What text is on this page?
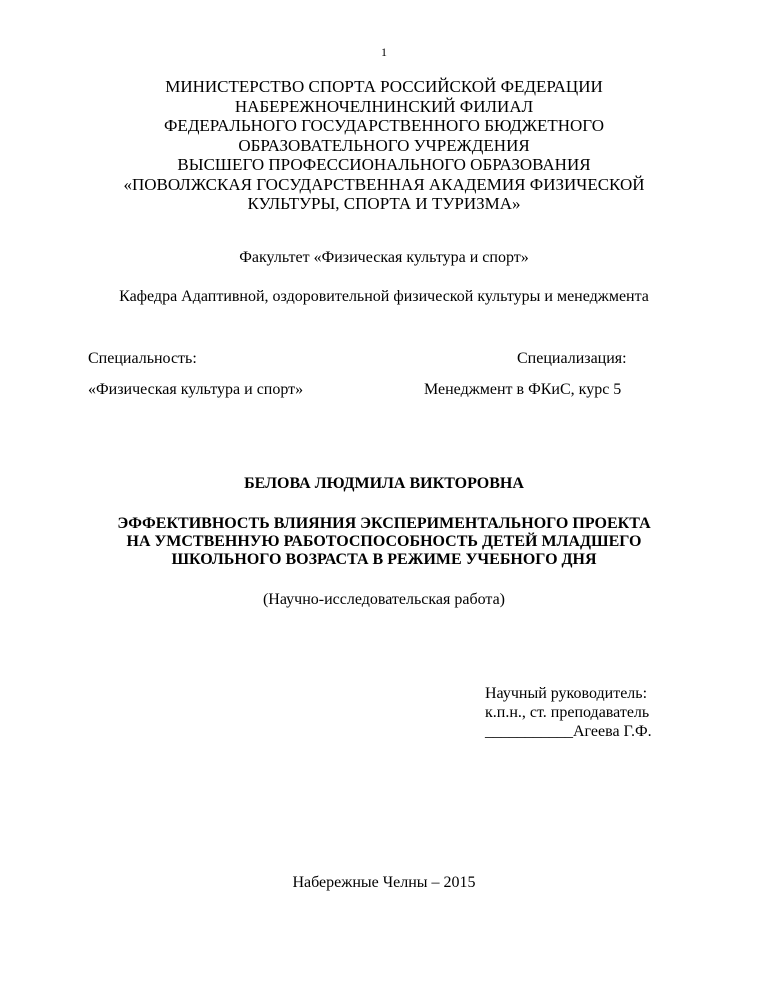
1
МИНИСТЕРСТВО СПОРТА РОССИЙСКОЙ ФЕДЕРАЦИИ
НАБЕРЕЖНОЧЕЛНИНСКИЙ ФИЛИАЛ
ФЕДЕРАЛЬНОГО ГОСУДАРСТВЕННОГО БЮДЖЕТНОГО
ОБРАЗОВАТЕЛЬНОГО УЧРЕЖДЕНИЯ
ВЫСШЕГО ПРОФЕССИОНАЛЬНОГО ОБРАЗОВАНИЯ
«ПОВОЛЖСКАЯ ГОСУДАРСТВЕННАЯ АКАДЕМИЯ ФИЗИЧЕСКОЙ
КУЛЬТУРЫ, СПОРТА И ТУРИЗМА»
Факультет «Физическая культура и спорт»
Кафедра Адаптивной, оздоровительной физической культуры и менеджмента
Специальность:
«Физическая культура и спорт»
Специализация:
Менеджмент в ФКиС, курс 5
БЕЛОВА ЛЮДМИЛА ВИКТОРОВНА
ЭФФЕКТИВНОСТЬ ВЛИЯНИЯ ЭКСПЕРИМЕНТАЛЬНОГО ПРОЕКТА
НА УМСТВЕННУЮ РАБОТОСПОСОБНОСТЬ ДЕТЕЙ МЛАДШЕГО
ШКОЛЬНОГО ВОЗРАСТА В РЕЖИМЕ УЧЕБНОГО ДНЯ
(Научно-исследовательская работа)
Научный руководитель:
к.п.н., ст. преподаватель
___________Агеева Г.Ф.
Набережные Челны – 2015
